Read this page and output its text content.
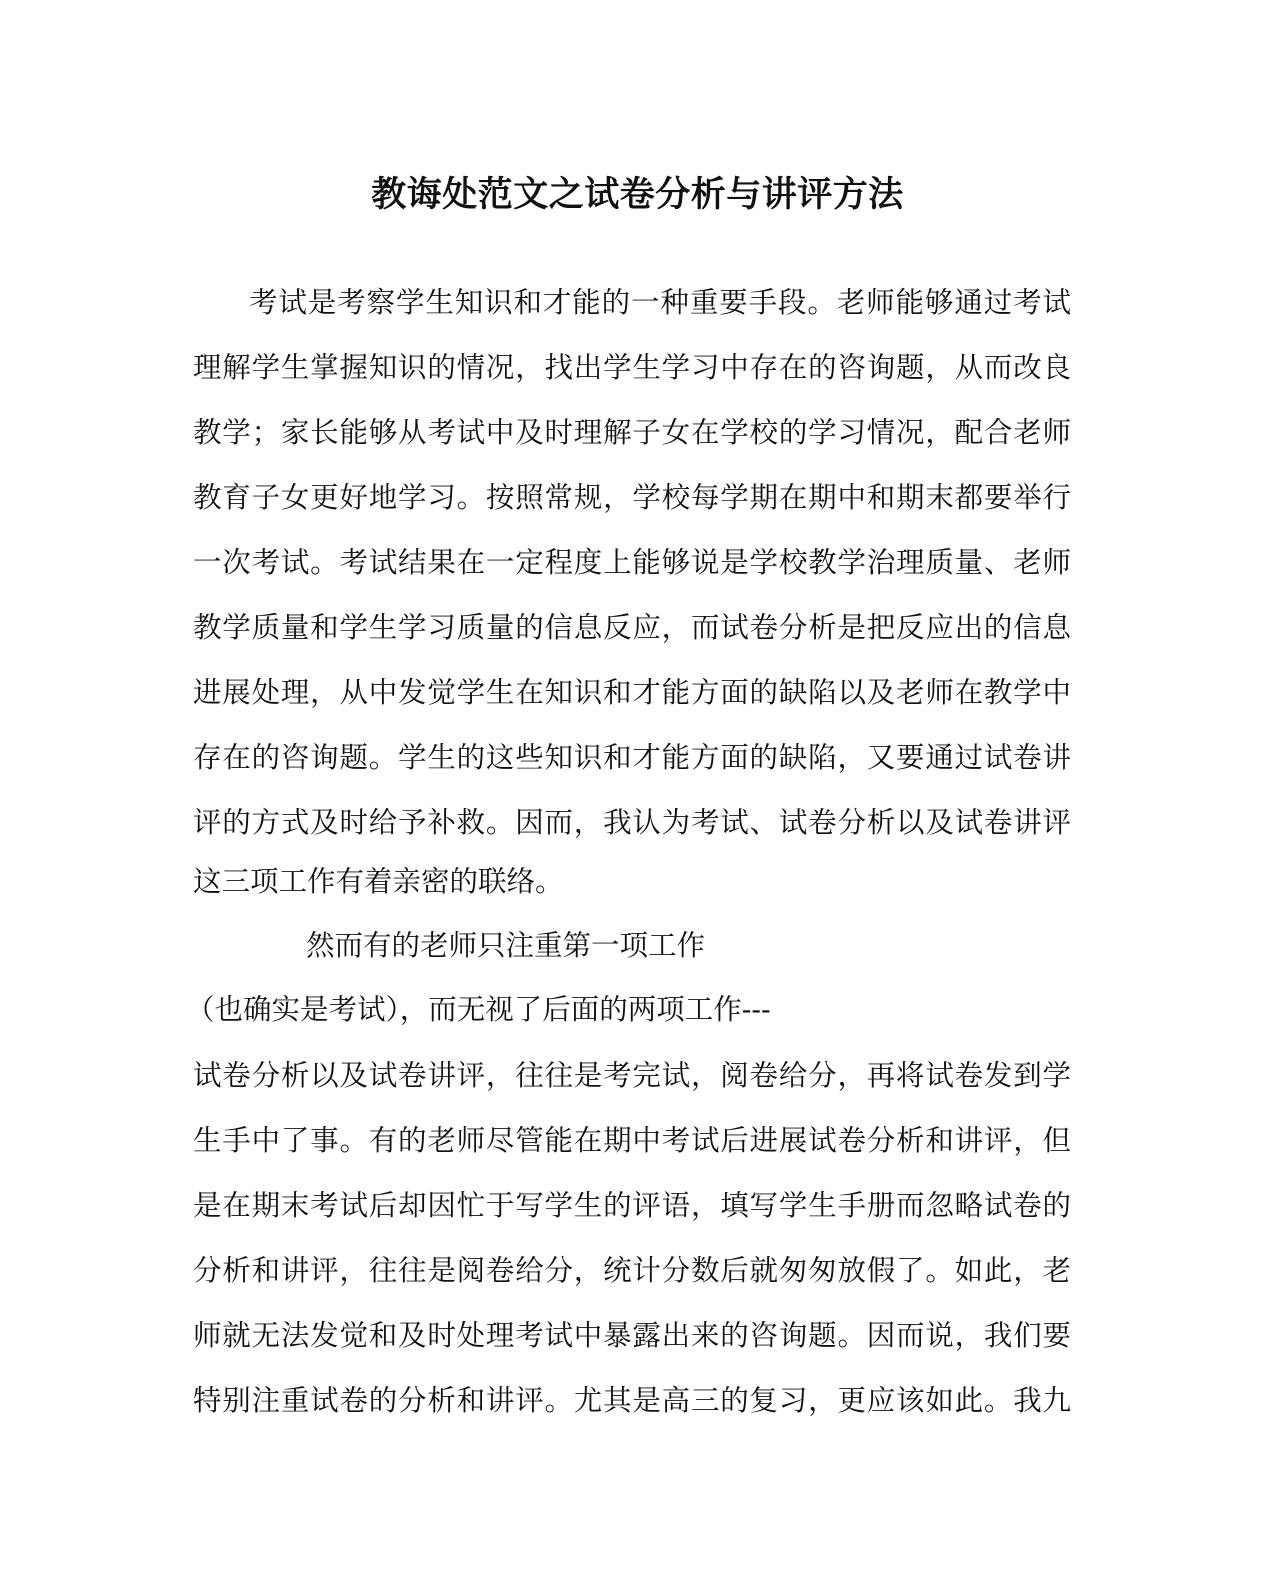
教诲处范文之试卷分析与讲评方法
考试是考察学生知识和才能的一种重要手段。老师能够通过考试
理解学生掌握知识的情况，找出学生学习中存在的咨询题，从而改良
教学；家长能够从考试中及时理解子女在学校的学习情况，配合老师
教育子女更好地学习。按照常规，学校每学期在期中和期末都要举行
一次考试。考试结果在一定程度上能够说是学校教学治理质量、老师
教学质量和学生学习质量的信息反应，而试卷分析是把反应出的信息
进展处理，从中发觉学生在知识和才能方面的缺陷以及老师在教学中
存在的咨询题。学生的这些知识和才能方面的缺陷，又要通过试卷讲
评的方式及时给予补救。因而，我认为考试、试卷分析以及试卷讲评
这三项工作有着亲密的联络。
然而有的老师只注重第一项工作
（也确实是考试），而无视了后面的两项工作---
试卷分析以及试卷讲评，往往是考完试，阅卷给分，再将试卷发到学
生手中了事。有的老师尽管能在期中考试后进展试卷分析和讲评，但
是在期末考试后却因忙于写学生的评语，填写学生手册而忽略试卷的
分析和讲评，往往是阅卷给分，统计分数后就匆匆放假了。如此，老
师就无法发觉和及时处理考试中暴露出来的咨询题。因而说，我们要
特别注重试卷的分析和讲评。尤其是高三的复习，更应该如此。我九
